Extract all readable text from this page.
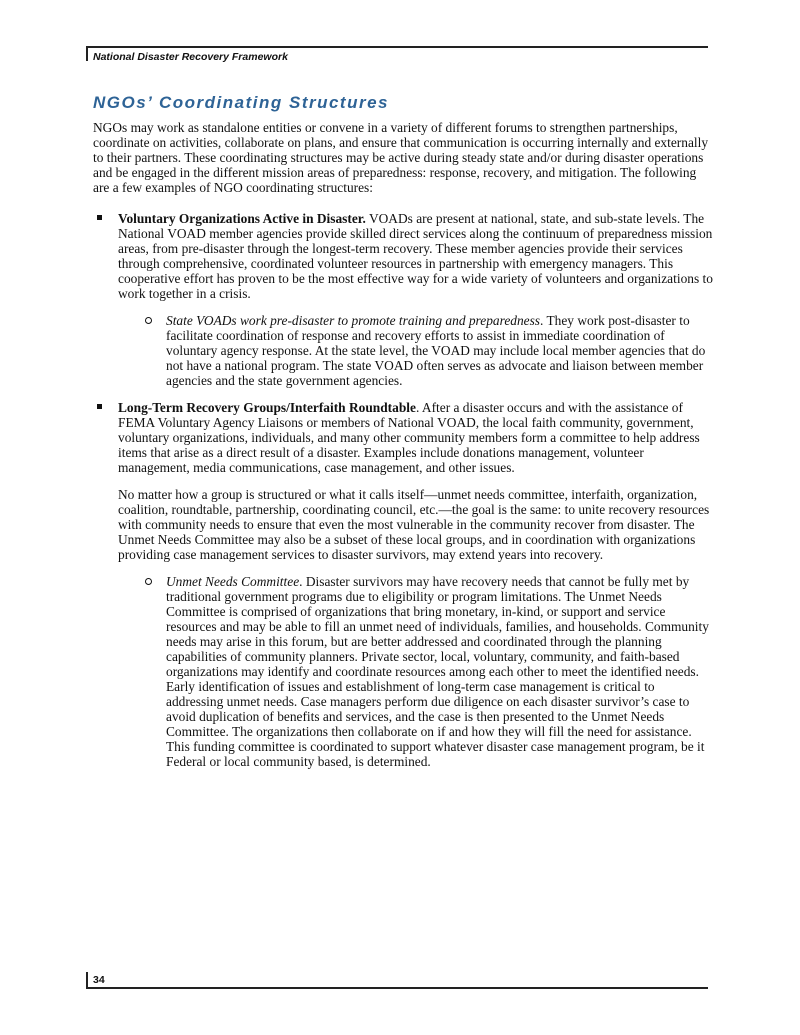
National Disaster Recovery Framework
NGOs’ Coordinating Structures

NGOs may work as standalone entities or convene in a variety of different forums to strengthen partnerships, coordinate on activities, collaborate on plans, and ensure that communication is occurring internally and externally to their partners. These coordinating structures may be active during steady state and/or during disaster operations and be engaged in the different mission areas of preparedness: response, recovery, and mitigation. The following are a few examples of NGO coordinating structures:

Voluntary Organizations Active in Disaster. VOADs are present at national, state, and sub-state levels. The National VOAD member agencies provide skilled direct services along the continuum of preparedness mission areas, from pre-disaster through the longest-term recovery. These member agencies provide their services through comprehensive, coordinated volunteer resources in partnership with emergency managers. This cooperative effort has proven to be the most effective way for a wide variety of volunteers and organizations to work together in a crisis.
State VOADs work pre-disaster to promote training and preparedness. They work post-disaster to facilitate coordination of response and recovery efforts to assist in immediate coordination of voluntary agency response. At the state level, the VOAD may include local member agencies that do not have a national program. The state VOAD often serves as advocate and liaison between member agencies and the state government agencies.
Long-Term Recovery Groups/Interfaith Roundtable. After a disaster occurs and with the assistance of FEMA Voluntary Agency Liaisons or members of National VOAD, the local faith community, government, voluntary organizations, individuals, and many other community members form a committee to help address items that arise as a direct result of a disaster. Examples include donations management, volunteer management, media communications, case management, and other issues.

No matter how a group is structured or what it calls itself—unmet needs committee, interfaith, organization, coalition, roundtable, partnership, coordinating council, etc.—the goal is the same: to unite recovery resources with community needs to ensure that even the most vulnerable in the community recover from disaster. The Unmet Needs Committee may also be a subset of these local groups, and in coordination with organizations providing case management services to disaster survivors, may extend years into recovery.

Unmet Needs Committee. Disaster survivors may have recovery needs that cannot be fully met by traditional government programs due to eligibility or program limitations. The Unmet Needs Committee is comprised of organizations that bring monetary, in-kind, or support and service resources and may be able to fill an unmet need of individuals, families, and households. Community needs may arise in this forum, but are better addressed and coordinated through the planning capabilities of community planners. Private sector, local, voluntary, community, and faith-based organizations may identify and coordinate resources among each other to meet the identified needs. Early identification of issues and establishment of long-term case management is critical to addressing unmet needs. Case managers perform due diligence on each disaster survivor’s case to avoid duplication of benefits and services, and the case is then presented to the Unmet Needs Committee. The organizations then collaborate on if and how they will fill the need for assistance. This funding committee is coordinated to support whatever disaster case management program, be it Federal or local community based, is determined.
34
